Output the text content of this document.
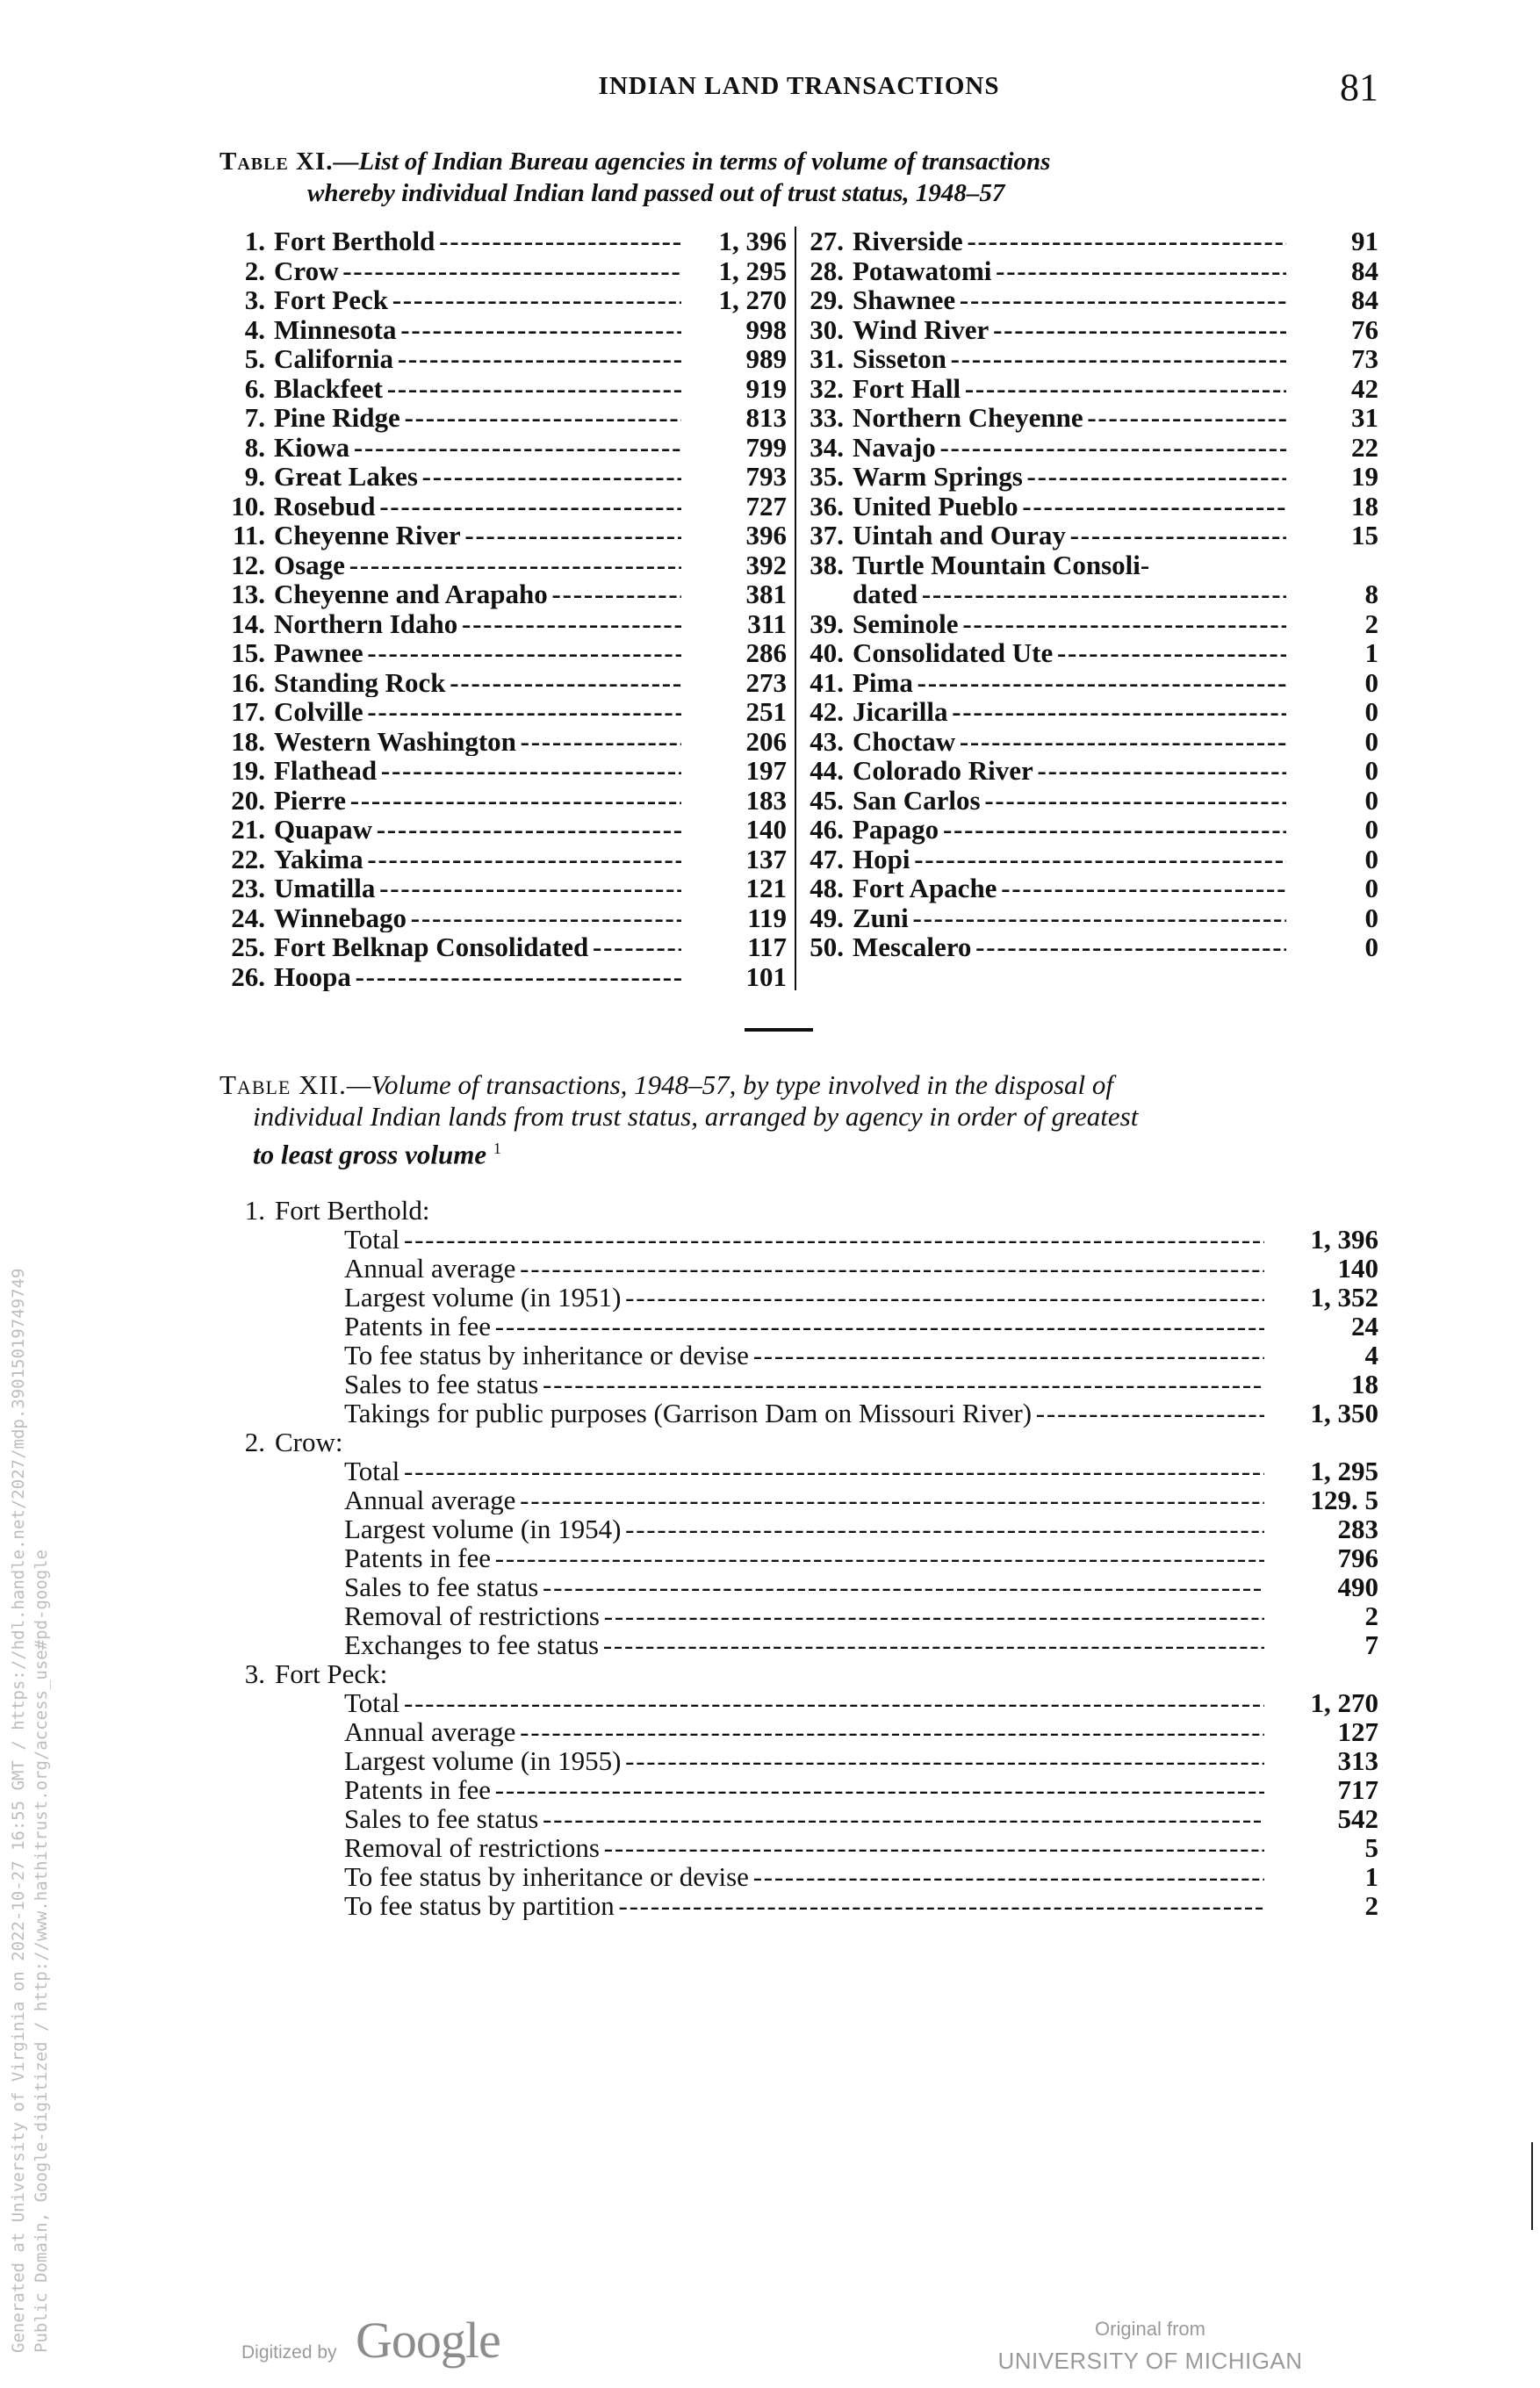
INDIAN LAND TRANSACTIONS	81
Table XI.—List of Indian Bureau agencies in terms of volume of transactions
whereby individual Indian land passed out of trust status, 1948–57
1. Fort Berthold - - -	1, 396
2. Crow - - -	1, 295
3. Fort Peck - - -	1, 270
4. Minnesota - - -	998
5. California - - -	989
6. Blackfeet - - -	919
7. Pine Ridge - - -	813
8. Kiowa - - -	799
9. Great Lakes - - -	793
10. Rosebud - - -	727
11. Cheyenne River - - -	396
12. Osage - - -	392
13. Cheyenne and Arapaho - - -	381
14. Northern Idaho - - -	311
15. Pawnee - - -	286
16. Standing Rock - - -	273
17. Colville - - -	251
18. Western Washington - - -	206
19. Flathead - - -	197
20. Pierre - - -	183
21. Quapaw - - -	140
22. Yakima - - -	137
23. Umatilla - - -	121
24. Winnebago - - -	119
25. Fort Belknap Consolidated - - -	117
26. Hoopa - - -	101
27. Riverside - - -	91
28. Potawatomi - - -	84
29. Shawnee - - -	84
30. Wind River - - -	76
31. Sisseton - - -	73
32. Fort Hall - - -	42
33. Northern Cheyenne - - -	31
34. Navajo - - -	22
35. Warm Springs - - -	19
36. United Pueblo - - -	18
37. Uintah and Ouray - - -	15
38. Turtle Mountain Consoli-
dated - - -	8
39. Seminole - - -	2
40. Consolidated Ute - - -	1
41. Pima - - -	0
42. Jicarilla - - -	0
43. Choctaw - - -	0
44. Colorado River - - -	0
45. San Carlos - - -	0
46. Papago - - -	0
47. Hopi - - -	0
48. Fort Apache - - -	0
49. Zuni - - -	0
50. Mescalero - - -	0
Table XII.—Volume of transactions, 1948–57, by type involved in the disposal of
individual Indian lands from trust status, arranged by agency in order of greatest
to least gross volume $^1$
1. Fort Berthold:
Total - - -	1, 396
Annual average - - -	140
Largest volume (in 1951) - - -	1, 352
Patents in fee - - -	24
To fee status by inheritance or devise - - -	4
Sales to fee status - - -	18
Takings for public purposes (Garrison Dam on Missouri River) - - -	1, 350
2. Crow:
Total - - -	1, 295
Annual average - - -	129. 5
Largest volume (in 1954) - - -	283
Patents in fee - - -	796
Sales to fee status - - -	490
Removal of restrictions - - -	2
Exchanges to fee status - - -	7
3. Fort Peck:
Total - - -	1, 270
Annual average - - -	127
Largest volume (in 1955) - - -	313
Patents in fee - - -	717
Sales to fee status - - -	542
Removal of restrictions - - -	5
To fee status by inheritance or devise - - -	1
To fee status by partition - - -	2
Generated at University of Virginia on 2022-10-27 16:55 GMT / https://hdl.handle.net/2027/mdp.39015019749749 Public Domain, Google-digitized / http://www.hathitrust.org/access_use#pd-google	Digitized by Google	Original from
UNIVERSITY OF MICHIGAN
